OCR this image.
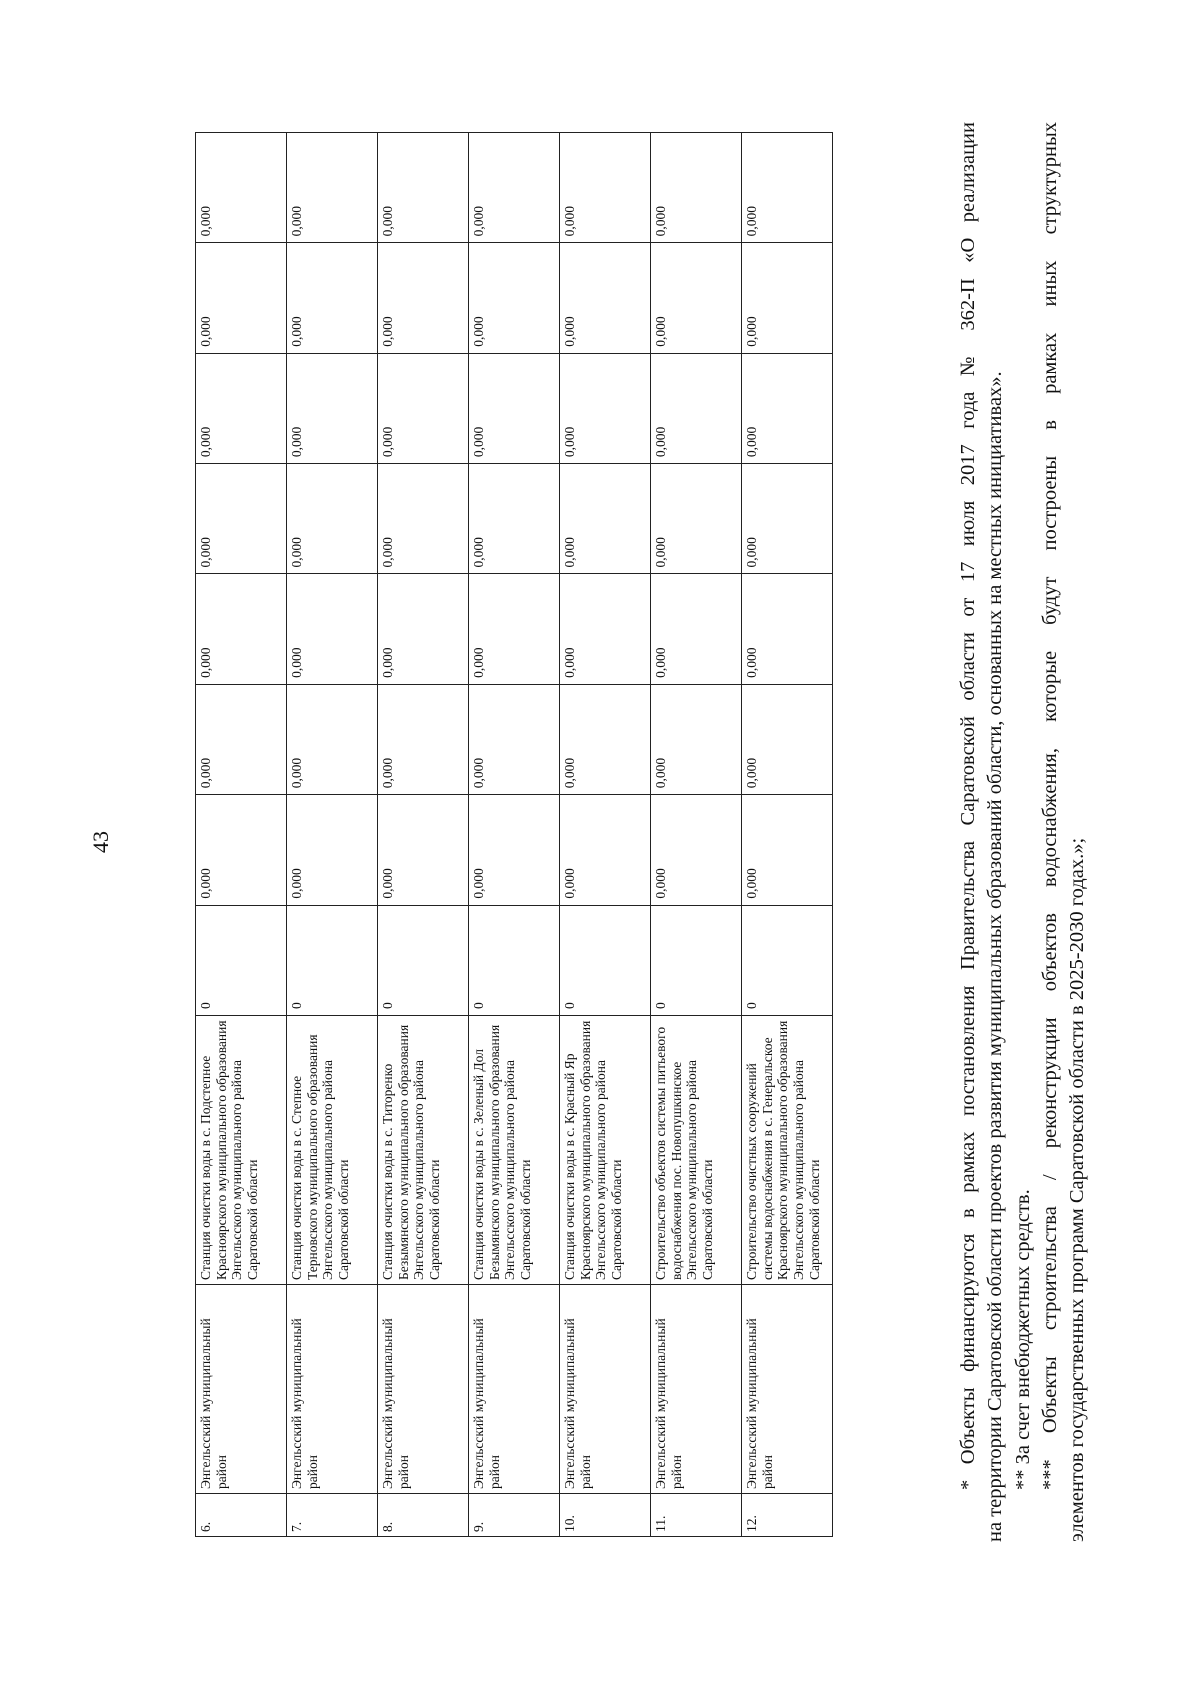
43
6.	Энгельсский муниципальный район	Станция очистки воды в с. Подстепное Краснoярского муниципального образования Энгельсского муниципального района Саратовской области	0	0,000	0,000	0,000	0,000	0,000	0,000	0,000
7.	Энгельсский муниципальный район	Станция очистки воды в с. Степное Терновского муниципального образования Энгельсского муниципального района Саратовской области	0	0,000	0,000	0,000	0,000	0,000	0,000	0,000
8.	Энгельсский муниципальный район	Станция очистки воды в с. Титоренко Безымянского муниципального образования Энгельсского муниципального района Саратовской области	0	0,000	0,000	0,000	0,000	0,000	0,000	0,000
9.	Энгельсский муниципальный район	Станция очистки воды в с. Зеленый Дол Безымянского муниципального образования Энгельсского муниципального района Саратовской области	0	0,000	0,000	0,000	0,000	0,000	0,000	0,000
10.	Энгельсский муниципальный район	Станция очистки воды в с. Красный Яр Красноярского муниципального образования Энгельсского муниципального района Саратовской области	0	0,000	0,000	0,000	0,000	0,000	0,000	0,000
11.	Энгельсский муниципальный район	Строительство объектов системы питьевого водоснабжения пос. Новопушкинское Энгельсского муниципального района Саратовской области	0	0,000	0,000	0,000	0,000	0,000	0,000	0,000
12.	Энгельсский муниципальный район	Строительство очистных сооружений системы водоснабжения в с. Генеральское Красноярского муниципального образования Энгельсского муниципального района Саратовской области	0	0,000	0,000	0,000	0,000	0,000	0,000	0,000	* Объекты финансируются в рамках постановления Правительства Саратовской области от 17 июля 2017 года № 362-П «О реализации на территории Саратовской области проектов развития муниципальных образований области, основанных на местных инициативах». ** За счет внебюджетных средств. *** Объекты строительства / реконструкции объектов водоснабжения, которые будут построены в рамках иных структурных элементов государственных программ Саратовской области в 2025-2030 годах.»;
